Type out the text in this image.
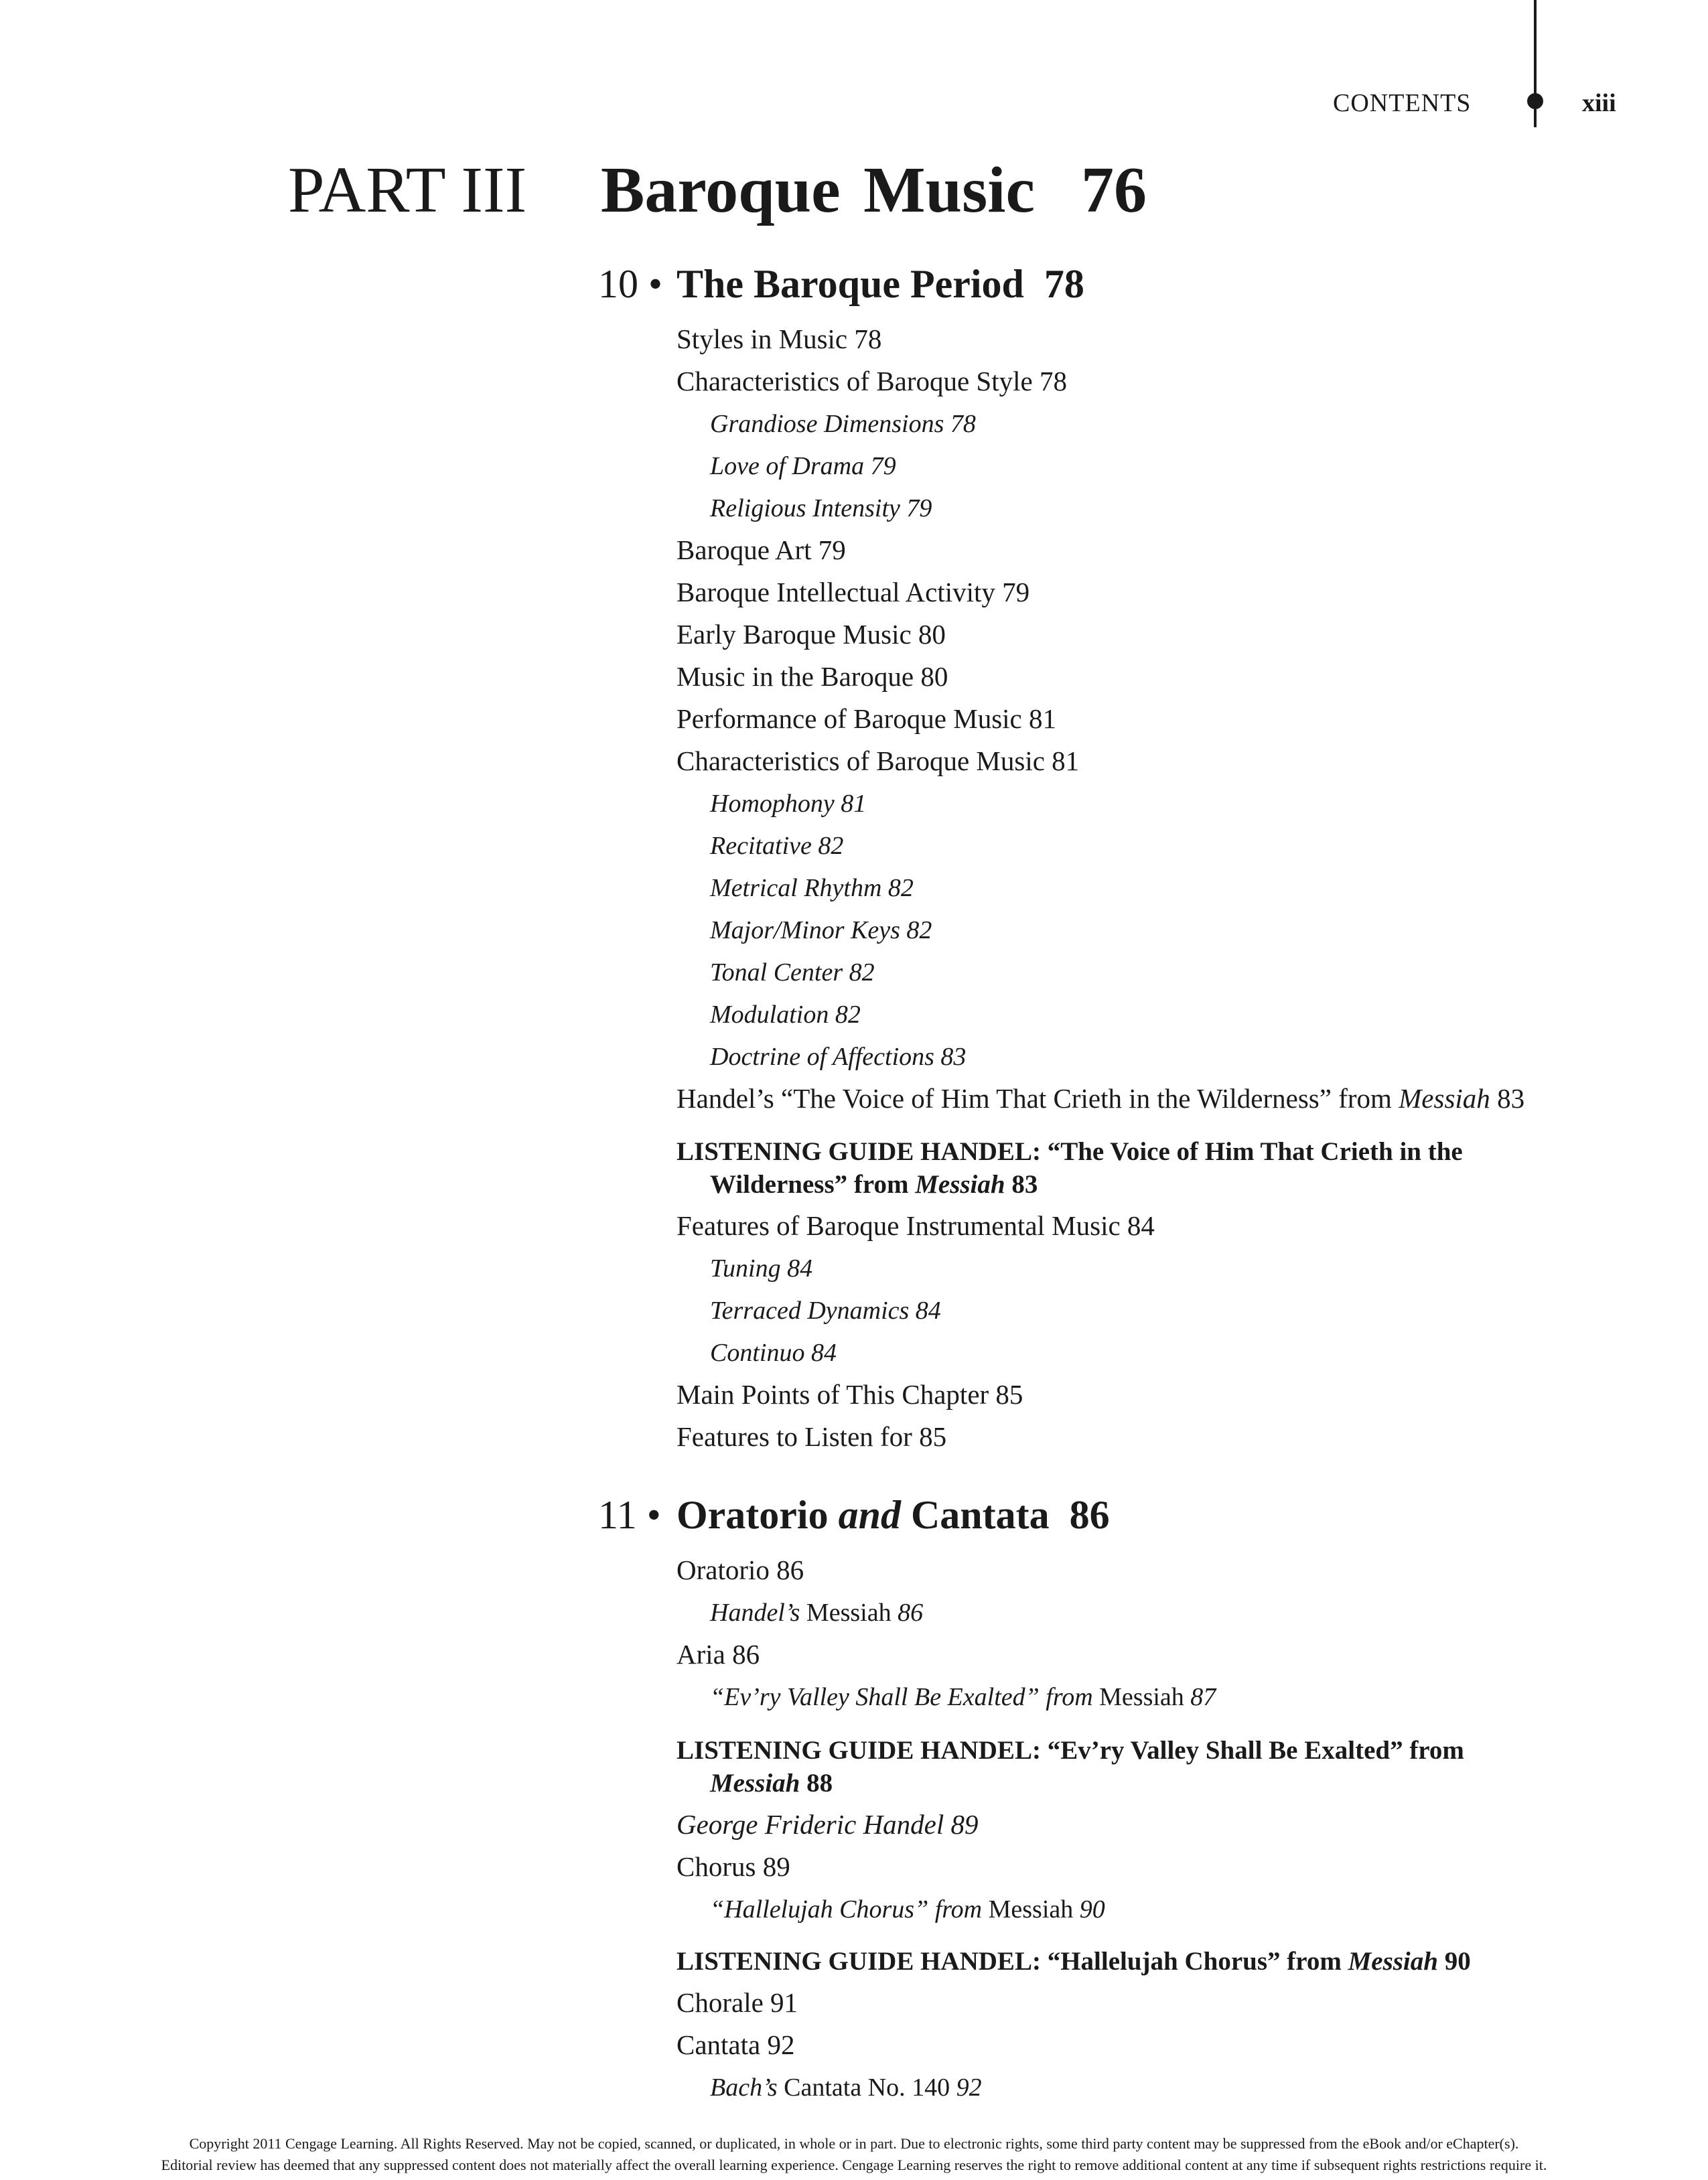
CONTENTS	xiii
PART III Baroque Music 76
10 • The Baroque Period 78
Styles in Music 78
Characteristics of Baroque Style 78
Grandiose Dimensions 78
Love of Drama 79
Religious Intensity 79
Baroque Art 79
Baroque Intellectual Activity 79
Early Baroque Music 80
Music in the Baroque 80
Performance of Baroque Music 81
Characteristics of Baroque Music 81
Homophony 81
Recitative 82
Metrical Rhythm 82
Major/Minor Keys 82
Tonal Center 82
Modulation 82
Doctrine of Affections 83
Handel’s “The Voice of Him That Crieth in the Wilderness” from Messiah 83
LISTENING GUIDE HANDEL: “The Voice of Him That Crieth in the
Wilderness” from Messiah 83
Features of Baroque Instrumental Music 84
Tuning 84
Terraced Dynamics 84
Continuo 84
Main Points of This Chapter 85
Features to Listen for 85
11 • Oratorio and Cantata 86
Oratorio 86
Handel’s Messiah 86
Aria 86
“Ev’ry Valley Shall Be Exalted” from Messiah 87
LISTENING GUIDE HANDEL: “Ev’ry Valley Shall Be Exalted” from
Messiah 88
George Frideric Handel 89
Chorus 89
“Hallelujah Chorus” from Messiah 90
LISTENING GUIDE HANDEL: “Hallelujah Chorus” from Messiah 90
Chorale 91
Cantata 92
Bach’s Cantata No. 140 92
Copyright 2011 Cengage Learning. All Rights Reserved. May not be copied, scanned, or duplicated, in whole or in part. Due to electronic rights, some third party content may be suppressed from the eBook and/or eChapter(s).
Editorial review has deemed that any suppressed content does not materially affect the overall learning experience. Cengage Learning reserves the right to remove additional content at any time if subsequent rights restrictions require it.
